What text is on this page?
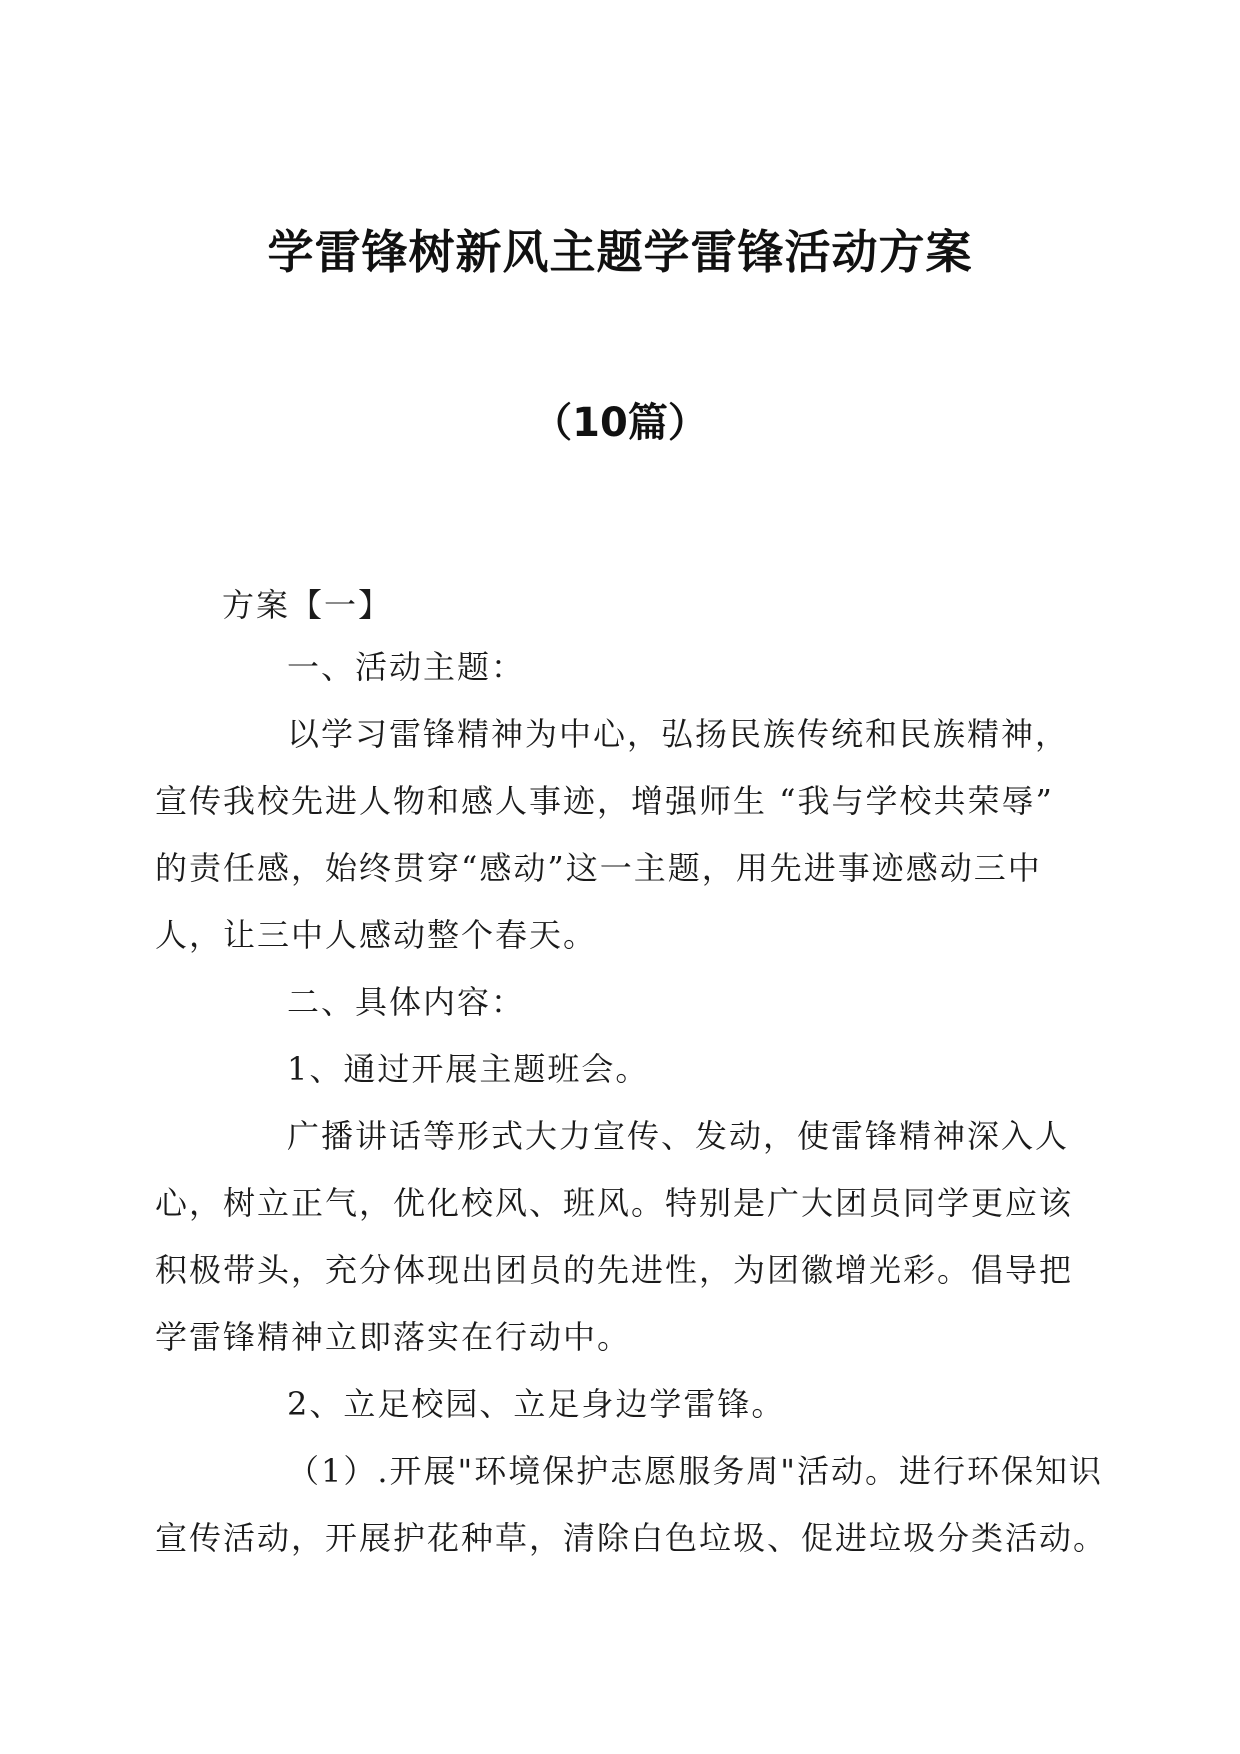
学雷锋树新风主题学雷锋活动方案
（10篇）
方案【一】
一、活动主题：
以学习雷锋精神为中心，弘扬民族传统和民族精神，
宣传我校先进人物和感人事迹，增强师生 “我与学校共荣辱”
的责任感，始终贯穿“感动”这一主题，用先进事迹感动三中
人，让三中人感动整个春天。
二、具体内容：
1、通过开展主题班会。
广播讲话等形式大力宣传、发动，使雷锋精神深入人
心，树立正气，优化校风、班风。特别是广大团员同学更应该
积极带头，充分体现出团员的先进性，为团徽增光彩。倡导把
学雷锋精神立即落实在行动中。
2、立足校园、立足身边学雷锋。
（1）.开展"环境保护志愿服务周"活动。进行环保知识
宣传活动，开展护花种草，清除白色垃圾、促进垃圾分类活动。
